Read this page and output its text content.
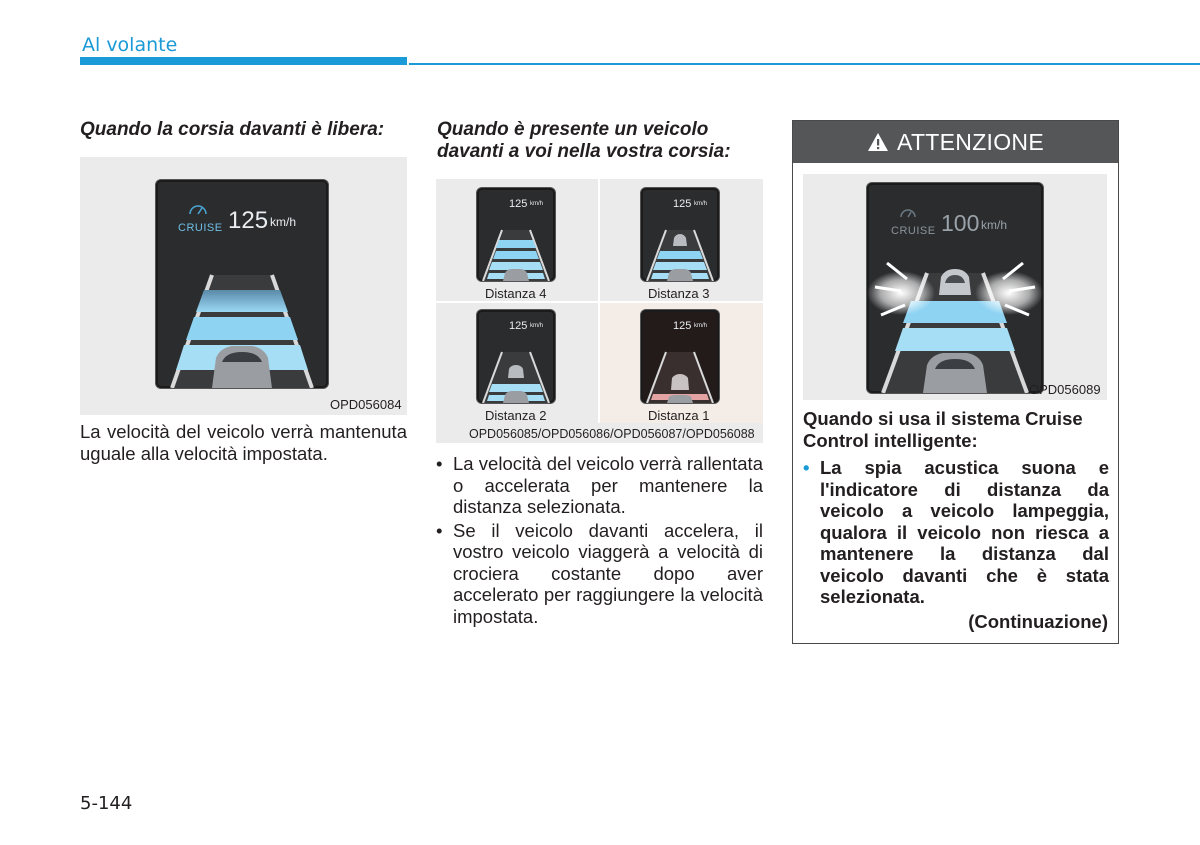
Al volante
Quando la corsia davanti è libera:
CRUISE 125 km/h
OPD056084
La velocità del veicolo verrà mantenuta uguale alla velocità impostata.
Quando è presente un veicolo
davanti a voi nella vostra corsia:
125 km/h
Distanza 4
125 km/h
Distanza 3
125 km/h
Distanza 2
125 km/h
Distanza 1
OPD056085/OPD056086/OPD056087/OPD056088
• La velocità del veicolo verrà rallentata o accelerata per mantenere la distanza selezionata.
• Se il veicolo davanti accelera, il vostro veicolo viaggerà a velocità di crociera costante dopo aver accelerato per raggiungere la velocità impostata.
ATTENZIONE
CRUISE 100 km/h
OPD056089
Quando si usa il sistema Cruise Control intelligente:
• La spia acustica suona e l'indicatore di distanza da veicolo a veicolo lampeggia, qualora il veicolo non riesca a mantenere la distanza dal veicolo davanti che è stata selezionata.
(Continuazione)
5-144
